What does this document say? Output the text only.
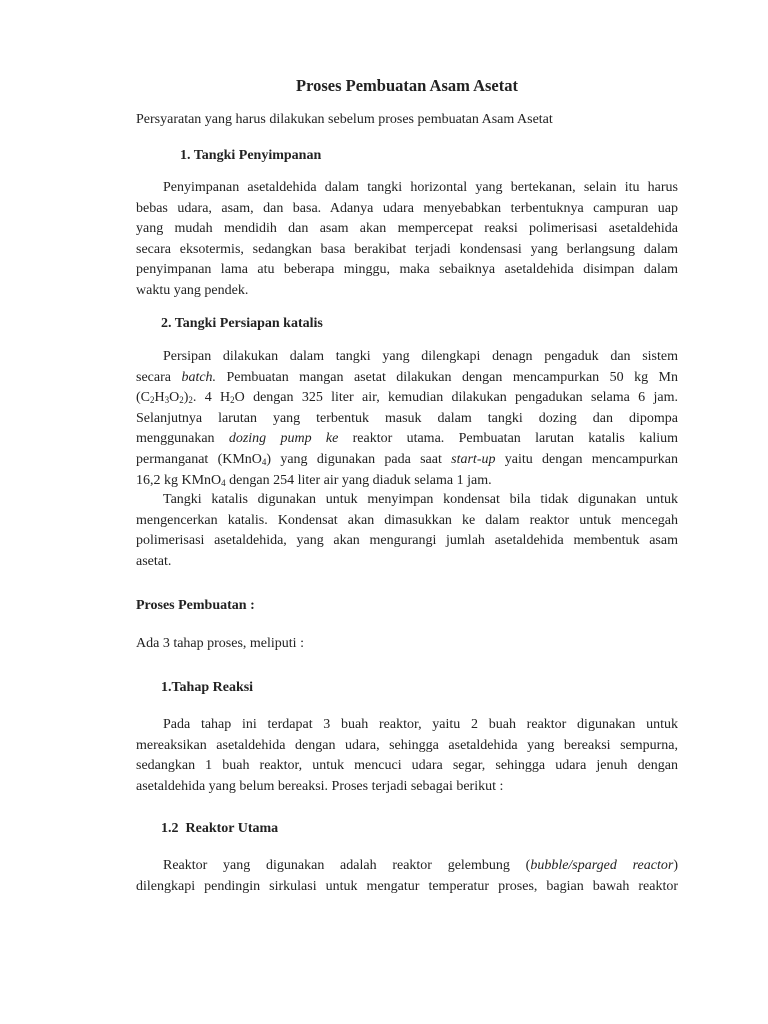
Proses Pembuatan Asam Asetat
Persyaratan yang harus dilakukan sebelum proses pembuatan Asam Asetat
1. Tangki Penyimpanan
Penyimpanan asetaldehida dalam tangki horizontal yang bertekanan, selain itu harus
bebas udara, asam, dan basa. Adanya udara menyebabkan terbentuknya campuran uap
yang mudah mendidih dan asam akan mempercepat reaksi polimerisasi asetaldehida
secara eksotermis, sedangkan basa berakibat terjadi kondensasi yang berlangsung dalam
penyimpanan lama atu beberapa minggu, maka sebaiknya asetaldehida disimpan dalam
waktu yang pendek.
2. Tangki Persiapan katalis
Persipan dilakukan dalam tangki yang dilengkapi denagn pengaduk dan sistem
secara batch. Pembuatan mangan asetat dilakukan dengan mencampurkan 50 kg Mn
$(C_2H_3O_2)_2$. 4 $H_2O$ dengan 325 liter air, kemudian dilakukan pengadukan selama 6 jam.
Selanjutnya larutan yang terbentuk masuk dalam tangki dozing dan dipompa
menggunakan dozing pump ke reaktor utama. Pembuatan larutan katalis kalium
permanganat (KMnO$_4$) yang digunakan pada saat start-up yaitu dengan mencampurkan
16,2 kg KMnO$_4$ dengan 254 liter air yang diaduk selama 1 jam.
Tangki katalis digunakan untuk menyimpan kondensat bila tidak digunakan untuk
mengencerkan katalis. Kondensat akan dimasukkan ke dalam reaktor untuk mencegah
polimerisasi asetaldehida, yang akan mengurangi jumlah asetaldehida membentuk asam
asetat.
Proses Pembuatan :
Ada 3 tahap proses, meliputi :
1.Tahap Reaksi
Pada tahap ini terdapat 3 buah reaktor, yaitu 2 buah reaktor digunakan untuk
mereaksikan asetaldehida dengan udara, sehingga asetaldehida yang bereaksi sempurna,
sedangkan 1 buah reaktor, untuk mencuci udara segar, sehingga udara jenuh dengan
asetaldehida yang belum bereaksi. Proses terjadi sebagai berikut :
1.2  Reaktor Utama
Reaktor yang digunakan adalah reaktor gelembung (bubble/sparged reactor)
dilengkapi pendingin sirkulasi untuk mengatur temperatur proses, bagian bawah reaktor
